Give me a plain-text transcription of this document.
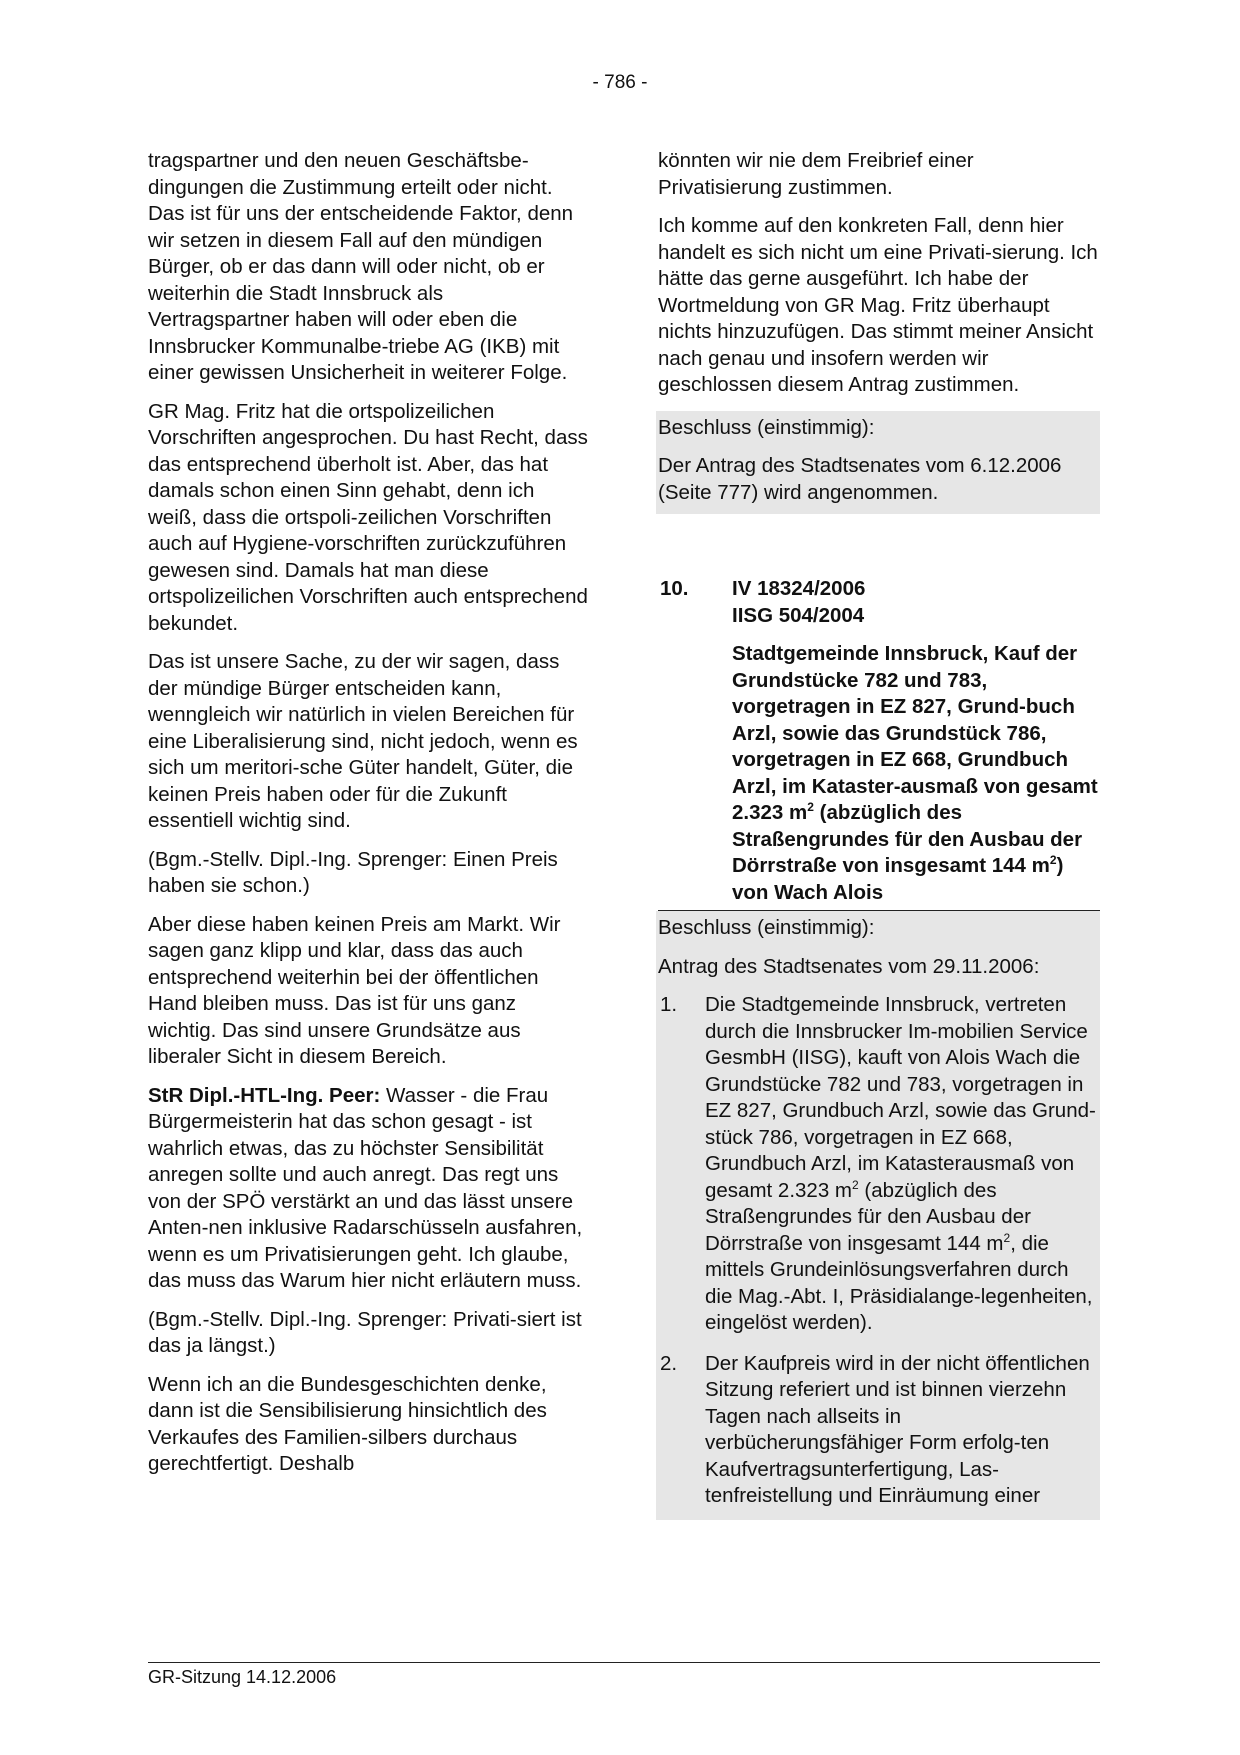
- 786 -

tragspartner und den neuen Geschäftsbe-dingungen die Zustimmung erteilt oder nicht. Das ist für uns der entscheidende Faktor, denn wir setzen in diesem Fall auf den mündigen Bürger, ob er das dann will oder nicht, ob er weiterhin die Stadt Innsbruck als Vertragspartner haben will oder eben die Innsbrucker Kommunalbe-triebe AG (IKB) mit einer gewissen Unsicherheit in weiterer Folge.

GR Mag. Fritz hat die ortspolizeilichen Vorschriften angesprochen. Du hast Recht, dass das entsprechend überholt ist. Aber, das hat damals schon einen Sinn gehabt, denn ich weiß, dass die ortspoli-zeilichen Vorschriften auch auf Hygiene-vorschriften zurückzuführen gewesen sind. Damals hat man diese ortspolizeilichen Vorschriften auch entsprechend bekundet.

Das ist unsere Sache, zu der wir sagen, dass der mündige Bürger entscheiden kann, wenngleich wir natürlich in vielen Bereichen für eine Liberalisierung sind, nicht jedoch, wenn es sich um meritori-sche Güter handelt, Güter, die keinen Preis haben oder für die Zukunft essentiell wichtig sind.

(Bgm.-Stellv. Dipl.-Ing. Sprenger: Einen Preis haben sie schon.)

Aber diese haben keinen Preis am Markt. Wir sagen ganz klipp und klar, dass das auch entsprechend weiterhin bei der öffentlichen Hand bleiben muss. Das ist für uns ganz wichtig. Das sind unsere Grundsätze aus liberaler Sicht in diesem Bereich.

StR Dipl.-HTL-Ing. Peer: Wasser - die Frau Bürgermeisterin hat das schon gesagt - ist wahrlich etwas, das zu höchster Sensibilität anregen sollte und auch anregt. Das regt uns von der SPÖ verstärkt an und das lässt unsere Anten-nen inklusive Radarschüsseln ausfahren, wenn es um Privatisierungen geht. Ich glaube, das muss das Warum hier nicht erläutern muss.

(Bgm.-Stellv. Dipl.-Ing. Sprenger: Privati-siert ist das ja längst.)

Wenn ich an die Bundesgeschichten denke, dann ist die Sensibilisierung hinsichtlich des Verkaufes des Familien-silbers durchaus gerechtfertigt. Deshalb

könnten wir nie dem Freibrief einer Privatisierung zustimmen.

Ich komme auf den konkreten Fall, denn hier handelt es sich nicht um eine Privati-sierung. Ich hätte das gerne ausgeführt. Ich habe der Wortmeldung von GR Mag. Fritz überhaupt nichts hinzuzufügen. Das stimmt meiner Ansicht nach genau und insofern werden wir geschlossen diesem Antrag zustimmen.

Beschluss (einstimmig):

Der Antrag des Stadtsenates vom 6.12.2006 (Seite 777) wird angenommen.

10. IV 18324/2006
IISG 504/2004
Stadtgemeinde Innsbruck, Kauf der Grundstücke 782 und 783, vorgetragen in EZ 827, Grund-buch Arzl, sowie das Grundstück 786, vorgetragen in EZ 668, Grundbuch Arzl, im Kataster-ausmaß von gesamt 2.323 $m^2$ (abzüglich des Straßengrundes für den Ausbau der Dörrstraße von insgesamt 144 $m^2$) von Wach Alois

Beschluss (einstimmig):

Antrag des Stadtsenates vom 29.11.2006:

1. Die Stadtgemeinde Innsbruck, vertreten durch die Innsbrucker Im-mobilien Service GesmbH (IISG), kauft von Alois Wach die Grundstücke 782 und 783, vorgetragen in EZ 827, Grundbuch Arzl, sowie das Grund-stück 786, vorgetragen in EZ 668, Grundbuch Arzl, im Katasterausmaß von gesamt 2.323 $m^2$ (abzüglich des Straßengrundes für den Ausbau der Dörrstraße von insgesamt 144 $m^2$, die mittels Grundeinlösungsverfahren durch die Mag.-Abt. I, Präsidialange-legenheiten, eingelöst werden).
2. Der Kaufpreis wird in der nicht öffentlichen Sitzung referiert und ist binnen vierzehn Tagen nach allseits in verbücherungsfähiger Form erfolg-ten Kaufvertragsunterfertigung, Las-tenfreistellung und Einräumung einer
GR-Sitzung 14.12.2006
